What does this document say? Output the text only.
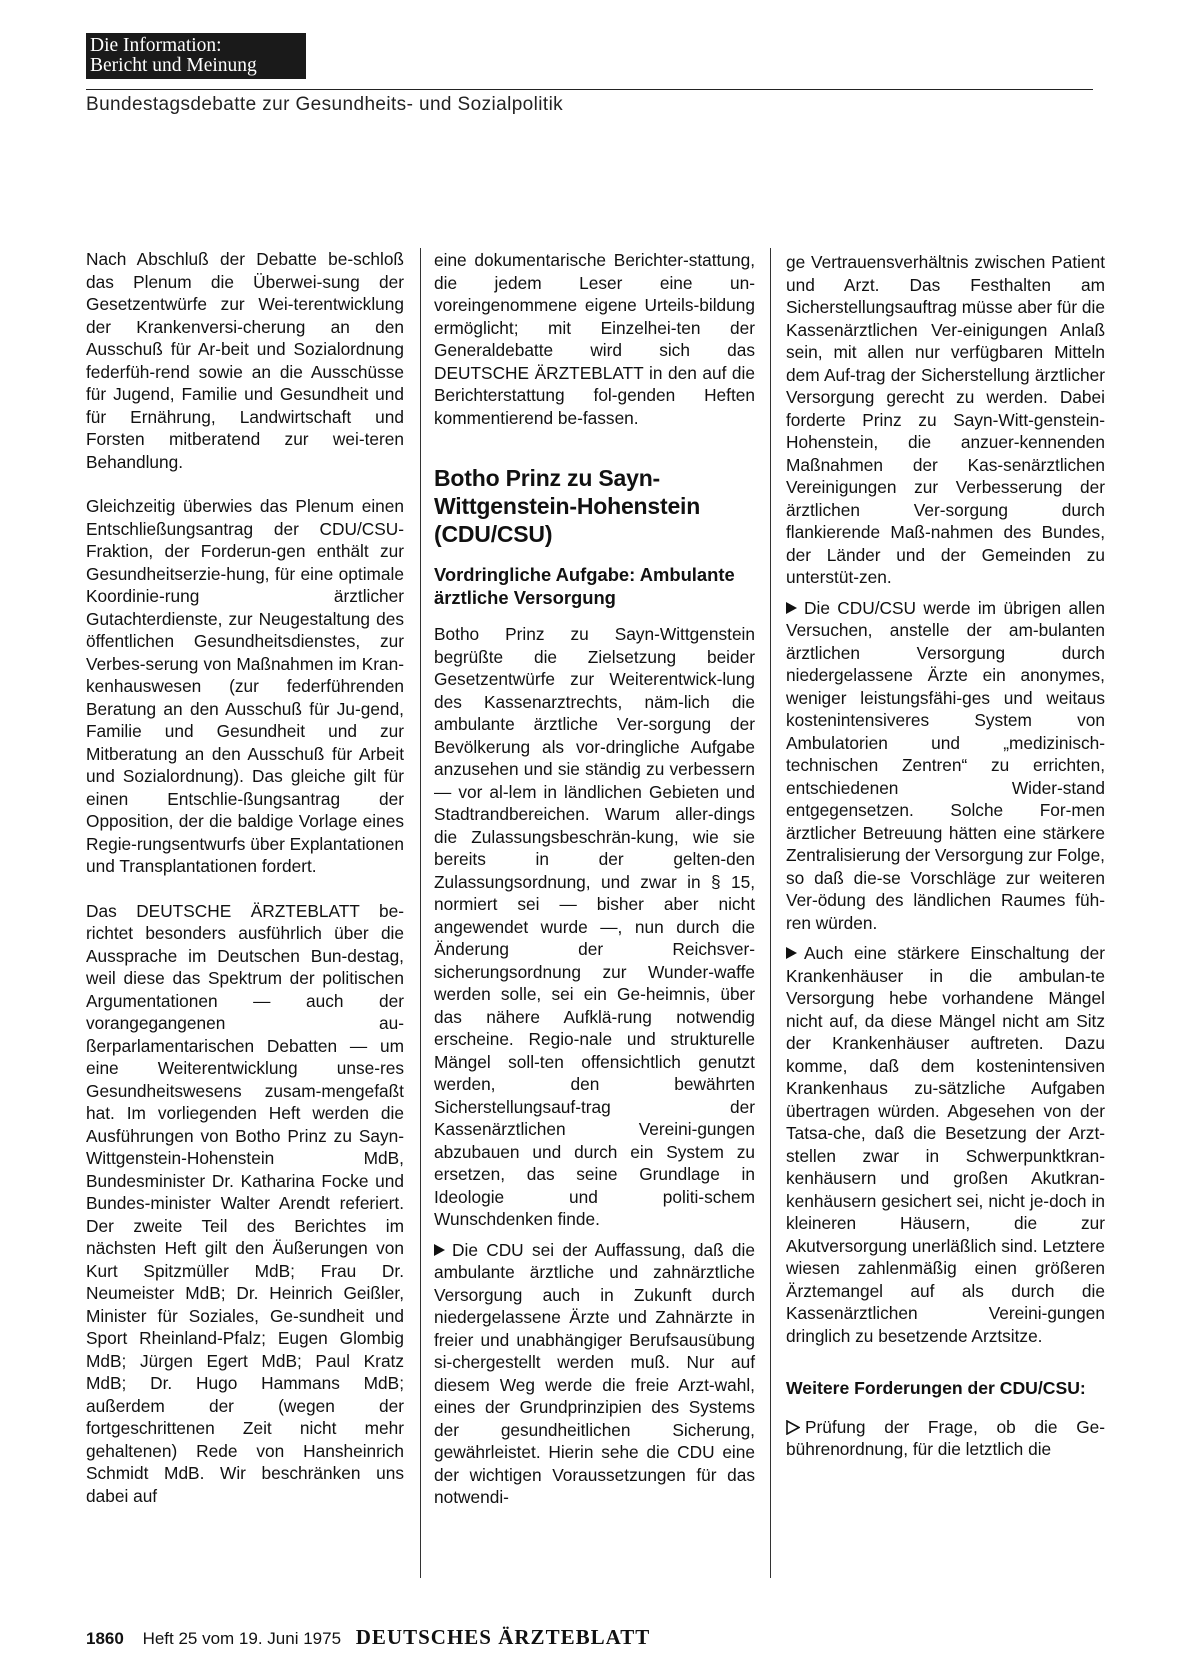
Die Information:
Bericht und Meinung
Bundestagsdebatte zur Gesundheits- und Sozialpolitik

Nach Abschluß der Debatte be-schloß das Plenum die Überwei-sung der Gesetzentwürfe zur Wei-terentwicklung der Krankenversi-cherung an den Ausschuß für Ar-beit und Sozialordnung federfüh-rend sowie an die Ausschüsse für Jugend, Familie und Gesundheit und für Ernährung, Landwirtschaft und Forsten mitberatend zur wei-teren Behandlung.

Gleichzeitig überwies das Plenum einen Entschließungsantrag der CDU/CSU-Fraktion, der Forderun-gen enthält zur Gesundheitserzie-hung, für eine optimale Koordinie-rung ärztlicher Gutachterdienste, zur Neugestaltung des öffentlichen Gesundheitsdienstes, zur Verbes-serung von Maßnahmen im Kran-kenhauswesen (zur federführenden Beratung an den Ausschuß für Ju-gend, Familie und Gesundheit und zur Mitberatung an den Ausschuß für Arbeit und Sozialordnung). Das gleiche gilt für einen Entschlie-ßungsantrag der Opposition, der die baldige Vorlage eines Regie-rungsentwurfs über Explantationen und Transplantationen fordert.

Das DEUTSCHE ÄRZTEBLATT be-richtet besonders ausführlich über die Aussprache im Deutschen Bun-destag, weil diese das Spektrum der politischen Argumentationen — auch der vorangegangenen au-ßerparlamentarischen Debatten — um eine Weiterentwicklung unse-res Gesundheitswesens zusam-mengefaßt hat. Im vorliegenden Heft werden die Ausführungen von Botho Prinz zu Sayn-Wittgenstein-Hohenstein MdB, Bundesminister Dr. Katharina Focke und Bundes-minister Walter Arendt referiert. Der zweite Teil des Berichtes im nächsten Heft gilt den Äußerungen von Kurt Spitzmüller MdB; Frau Dr. Neumeister MdB; Dr. Heinrich Geißler, Minister für Soziales, Ge-sundheit und Sport Rheinland-Pfalz; Eugen Glombig MdB; Jürgen Egert MdB; Paul Kratz MdB; Dr. Hugo Hammans MdB; außerdem der (wegen der fortgeschrittenen Zeit nicht mehr gehaltenen) Rede von Hansheinrich Schmidt MdB. Wir beschränken uns dabei auf

eine dokumentarische Berichter-stattung, die jedem Leser eine un-voreingenommene eigene Urteils-bildung ermöglicht; mit Einzelhei-ten der Generaldebatte wird sich das DEUTSCHE ÄRZTEBLATT in den auf die Berichterstattung fol-genden Heften kommentierend be-fassen.

Botho Prinz zu Sayn-Wittgenstein-Hohenstein (CDU/CSU)
Vordringliche Aufgabe: Ambulante ärztliche Versorgung

Botho Prinz zu Sayn-Wittgenstein begrüßte die Zielsetzung beider Gesetzentwürfe zur Weiterentwick-lung des Kassenarztrechts, näm-lich die ambulante ärztliche Ver-sorgung der Bevölkerung als vor-dringliche Aufgabe anzusehen und sie ständig zu verbessern — vor al-lem in ländlichen Gebieten und Stadtrandbereichen. Warum aller-dings die Zulassungsbeschrän-kung, wie sie bereits in der gelten-den Zulassungsordnung, und zwar in § 15, normiert sei — bisher aber nicht angewendet wurde —, nun durch die Änderung der Reichsver-sicherungsordnung zur Wunder-waffe werden solle, sei ein Ge-heimnis, über das nähere Aufklä-rung notwendig erscheine. Regio-nale und strukturelle Mängel soll-ten offensichtlich genutzt werden, den bewährten Sicherstellungsauf-trag der Kassenärztlichen Vereini-gungen abzubauen und durch ein System zu ersetzen, das seine Grundlage in Ideologie und politi-schem Wunschdenken finde.

Die CDU sei der Auffassung, daß die ambulante ärztliche und zahnärztliche Versorgung auch in Zukunft durch niedergelassene Ärzte und Zahnärzte in freier und unabhängiger Berufsausübung si-chergestellt werden muß. Nur auf diesem Weg werde die freie Arzt-wahl, eines der Grundprinzipien des Systems der gesundheitlichen Sicherung, gewährleistet. Hierin sehe die CDU eine der wichtigen Voraussetzungen für das notwendi-

ge Vertrauensverhältnis zwischen Patient und Arzt. Das Festhalten am Sicherstellungsauftrag müsse aber für die Kassenärztlichen Ver-einigungen Anlaß sein, mit allen nur verfügbaren Mitteln dem Auf-trag der Sicherstellung ärztlicher Versorgung gerecht zu werden. Dabei forderte Prinz zu Sayn-Witt-genstein-Hohenstein, die anzuer-kennenden Maßnahmen der Kas-senärztlichen Vereinigungen zur Verbesserung der ärztlichen Ver-sorgung durch flankierende Maß-nahmen des Bundes, der Länder und der Gemeinden zu unterstüt-zen.

Die CDU/CSU werde im übrigen allen Versuchen, anstelle der am-bulanten ärztlichen Versorgung durch niedergelassene Ärzte ein anonymes, weniger leistungsfähi-ges und weitaus kostenintensiveres System von Ambulatorien und „medizinisch-technischen Zentren“ zu errichten, entschiedenen Wider-stand entgegensetzen. Solche For-men ärztlicher Betreuung hätten eine stärkere Zentralisierung der Versorgung zur Folge, so daß die-se Vorschläge zur weiteren Ver-ödung des ländlichen Raumes füh-ren würden.

Auch eine stärkere Einschaltung der Krankenhäuser in die ambulan-te Versorgung hebe vorhandene Mängel nicht auf, da diese Mängel nicht am Sitz der Krankenhäuser auftreten. Dazu komme, daß dem kostenintensiven Krankenhaus zu-sätzliche Aufgaben übertragen würden. Abgesehen von der Tatsa-che, daß die Besetzung der Arzt-stellen zwar in Schwerpunktkran-kenhäusern und großen Akutkran-kenhäusern gesichert sei, nicht je-doch in kleineren Häusern, die zur Akutversorgung unerläßlich sind. Letztere wiesen zahlenmäßig einen größeren Ärztemangel auf als durch die Kassenärztlichen Vereini-gungen dringlich zu besetzende Arztsitze.

Weitere Forderungen der CDU/CSU:

Prüfung der Frage, ob die Ge-bührenordnung, für die letztlich die

1860 Heft 25 vom 19. Juni 1975 DEUTSCHES ÄRZTEBLATT
